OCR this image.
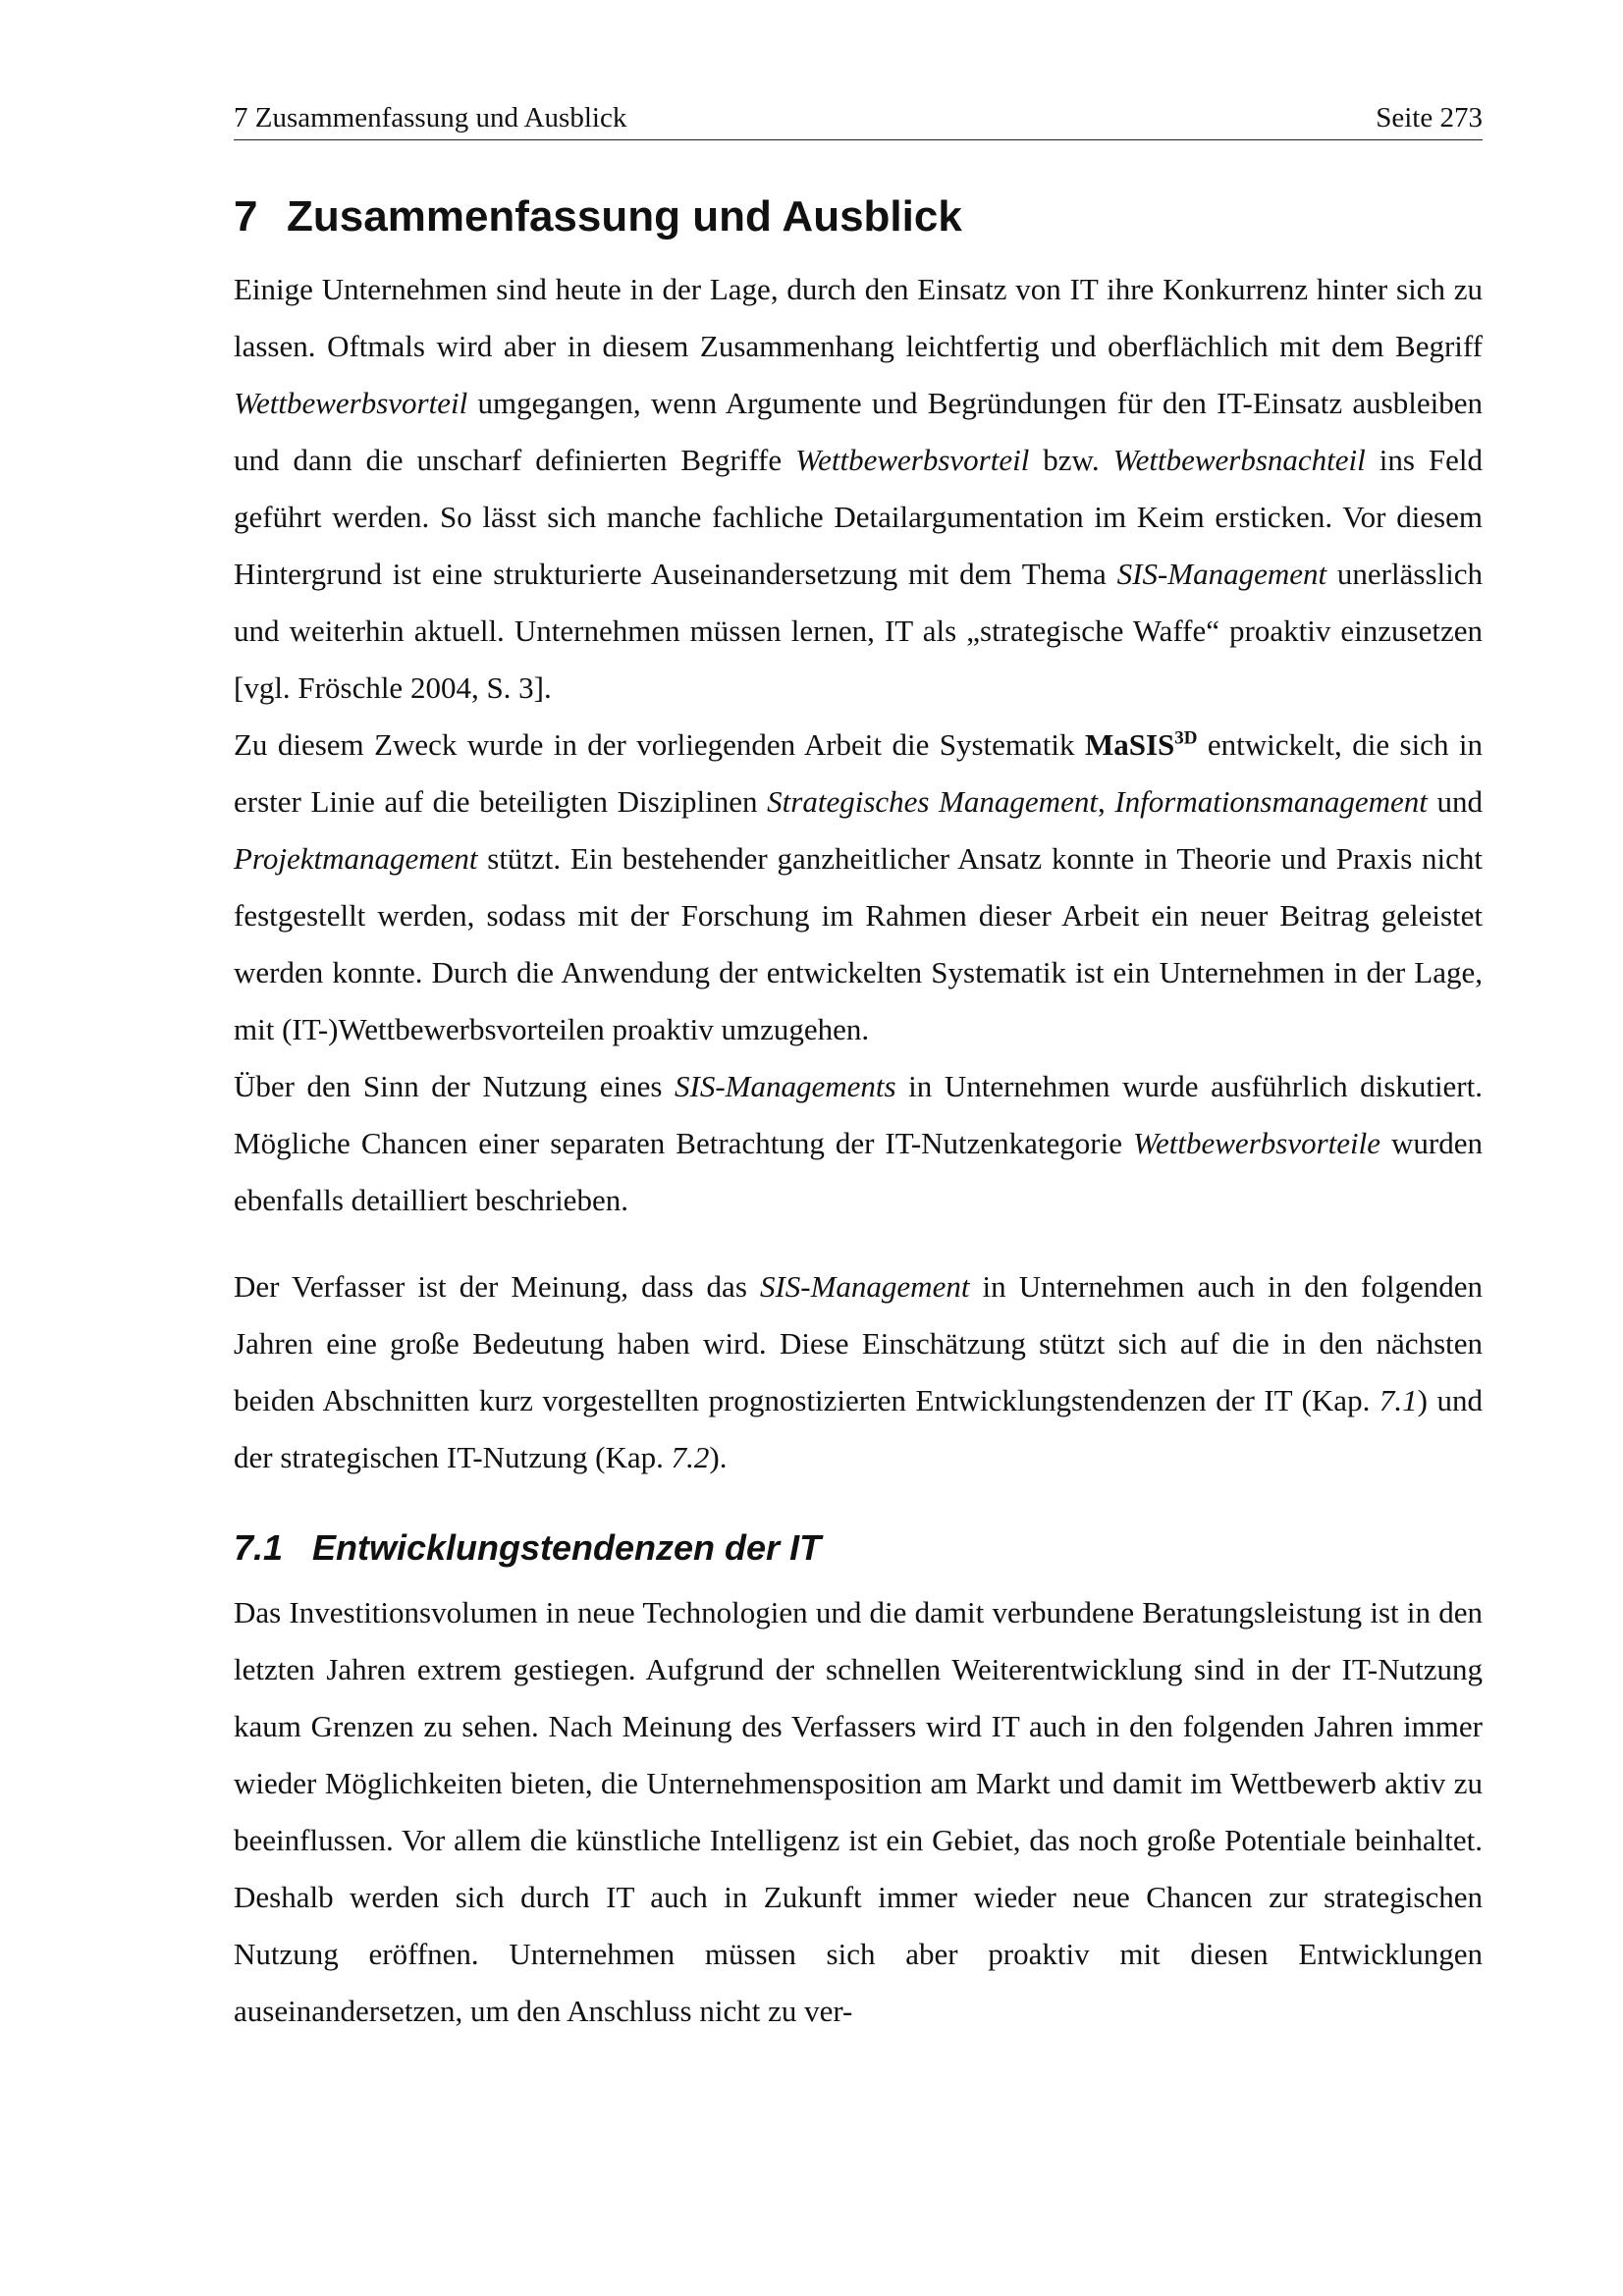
7 Zusammenfassung und Ausblick	Seite 273
7 Zusammenfassung und Ausblick

Einige Unternehmen sind heute in der Lage, durch den Einsatz von IT ihre Konkurrenz hinter sich zu lassen. Oftmals wird aber in diesem Zusammenhang leichtfertig und oberflächlich mit dem Begriff Wettbewerbsvorteil umgegangen, wenn Argumente und Begründungen für den IT-Einsatz ausbleiben und dann die unscharf definierten Begriffe Wettbewerbsvorteil bzw. Wettbewerbsnachteil ins Feld geführt werden. So lässt sich manche fachliche Detailargumentation im Keim ersticken. Vor diesem Hintergrund ist eine strukturierte Auseinandersetzung mit dem Thema SIS-Management unerlässlich und weiterhin aktuell. Unternehmen müssen lernen, IT als „strategische Waffe“ proaktiv einzusetzen [vgl. Fröschle 2004, S. 3].

Zu diesem Zweck wurde in der vorliegenden Arbeit die Systematik MaSIS$^{3D}$ entwickelt, die sich in erster Linie auf die beteiligten Disziplinen Strategisches Management, Informationsmanagement und Projektmanagement stützt. Ein bestehender ganzheitlicher Ansatz konnte in Theorie und Praxis nicht festgestellt werden, sodass mit der Forschung im Rahmen dieser Arbeit ein neuer Beitrag geleistet werden konnte. Durch die Anwendung der entwickelten Systematik ist ein Unternehmen in der Lage, mit (IT-)Wettbewerbsvorteilen proaktiv umzugehen.

Über den Sinn der Nutzung eines SIS-Managements in Unternehmen wurde ausführlich diskutiert. Mögliche Chancen einer separaten Betrachtung der IT-Nutzenkategorie Wettbewerbsvorteile wurden ebenfalls detailliert beschrieben.

Der Verfasser ist der Meinung, dass das SIS-Management in Unternehmen auch in den folgenden Jahren eine große Bedeutung haben wird. Diese Einschätzung stützt sich auf die in den nächsten beiden Abschnitten kurz vorgestellten prognostizierten Entwicklungstendenzen der IT (Kap. 7.1) und der strategischen IT-Nutzung (Kap. 7.2).

7.1 Entwicklungstendenzen der IT

Das Investitionsvolumen in neue Technologien und die damit verbundene Beratungsleistung ist in den letzten Jahren extrem gestiegen. Aufgrund der schnellen Weiterentwicklung sind in der IT-Nutzung kaum Grenzen zu sehen. Nach Meinung des Verfassers wird IT auch in den folgenden Jahren immer wieder Möglichkeiten bieten, die Unternehmensposition am Markt und damit im Wettbewerb aktiv zu beeinflussen. Vor allem die künstliche Intelligenz ist ein Gebiet, das noch große Potentiale beinhaltet. Deshalb werden sich durch IT auch in Zukunft immer wieder neue Chancen zur strategischen Nutzung eröffnen. Unternehmen müssen sich aber proaktiv mit diesen Entwicklungen auseinandersetzen, um den Anschluss nicht zu ver-
